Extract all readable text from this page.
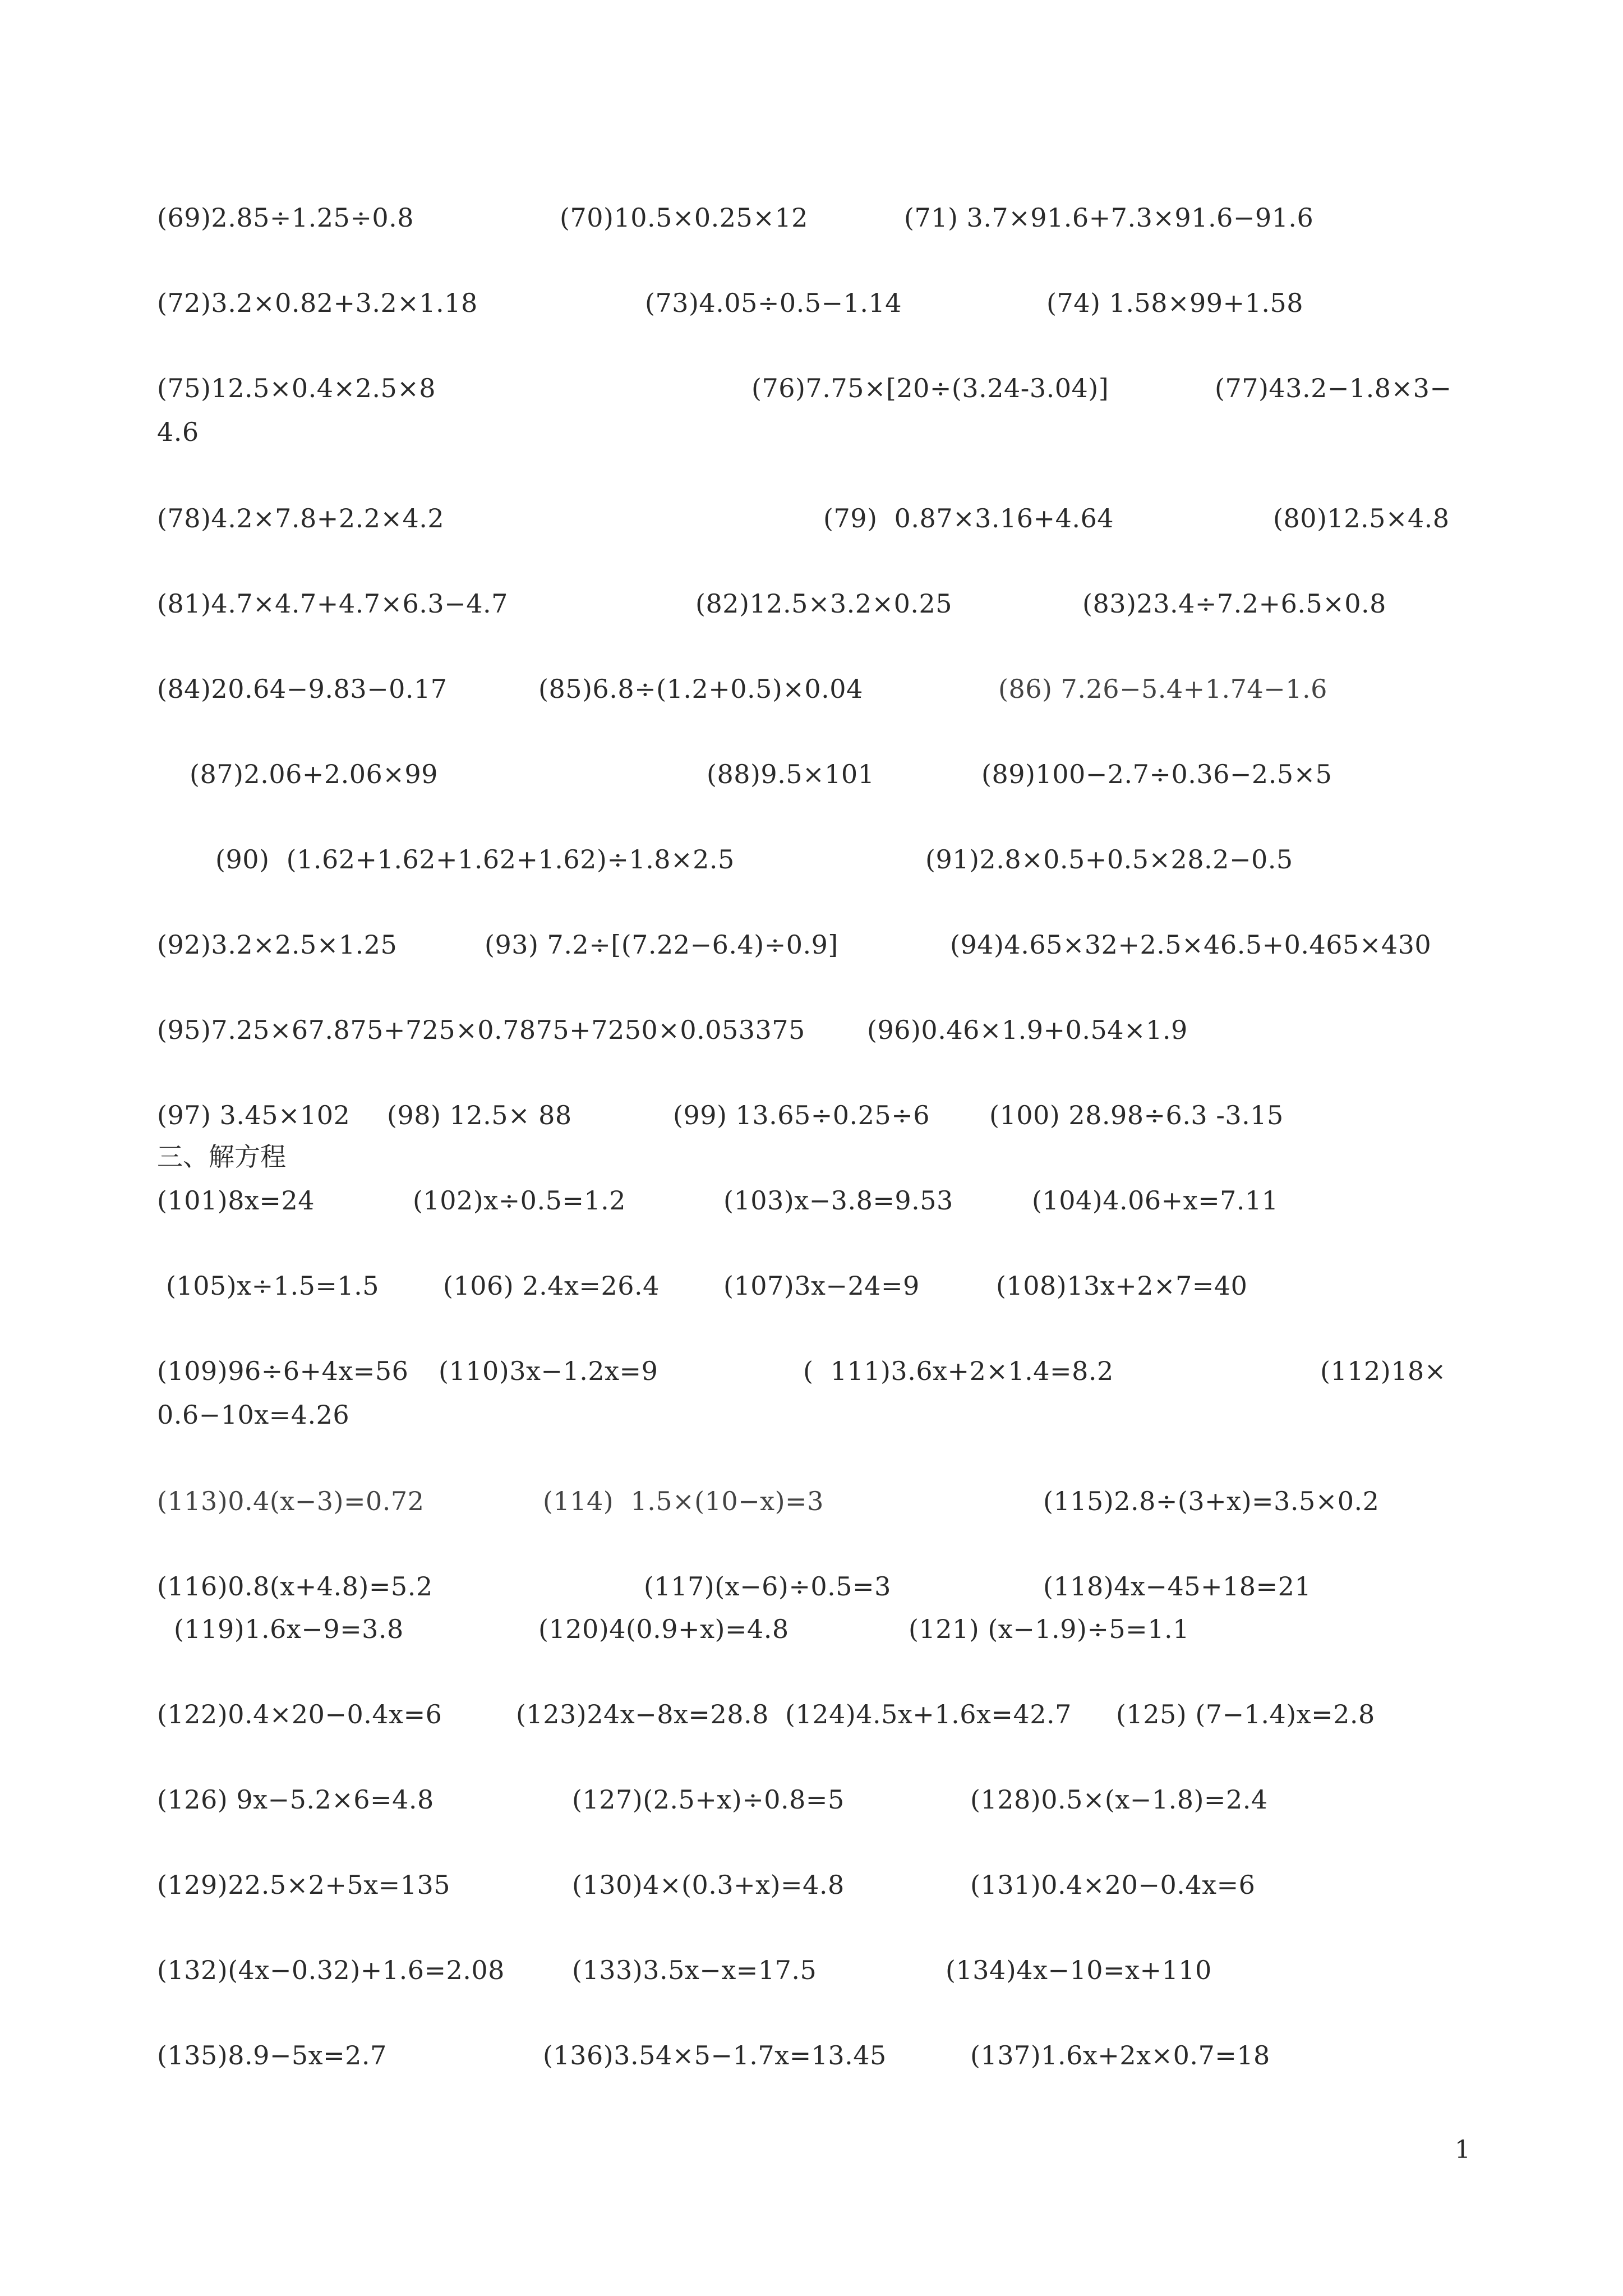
(69)2.85÷1.25÷0.8	(70)10.5×0.25×12	(71) 3.7×91.6+7.3×91.6−91.6
(72)3.2×0.82+3.2×1.18	(73)4.05÷0.5−1.14	(74) 1.58×99+1.58
(75)12.5×0.4×2.5×8	(76)7.75×[20÷(3.24-3.04)]	(77)43.2−1.8×3−
4.6
(78)4.2×7.8+2.2×4.2	(79)  0.87×3.16+4.64	(80)12.5×4.8
(81)4.7×4.7+4.7×6.3−4.7	(82)12.5×3.2×0.25	(83)23.4÷7.2+6.5×0.8
(84)20.64−9.83−0.17	(85)6.8÷(1.2+0.5)×0.04	(86) 7.26−5.4+1.74−1.6
(87)2.06+2.06×99	(88)9.5×101	(89)100−2.7÷0.36−2.5×5
(90)  (1.62+1.62+1.62+1.62)÷1.8×2.5	(91)2.8×0.5+0.5×28.2−0.5
(92)3.2×2.5×1.25	(93) 7.2÷[(7.22−6.4)÷0.9]	(94)4.65×32+2.5×46.5+0.465×430
(95)7.25×67.875+725×0.7875+7250×0.053375 (96)0.46×1.9+0.54×1.9
(97) 3.45×102 (98) 12.5× 88	(99) 13.65÷0.25÷6 (100) 28.98÷6.3 -3.15
三、解方程
(101)8x=24	(102)x÷0.5=1.2	(103)x−3.8=9.53	(104)4.06+x=7.11
(105)x÷1.5=1.5 (106) 2.4x=26.4 (107)3x−24=9	(108)13x+2×7=40
(109)96÷6+4x=56 (110)3x−1.2x=9	(  111)3.6x+2×1.4=8.2	(112)18×
0.6−10x=4.26
(113)0.4(x−3)=0.72	(114)  1.5×(10−x)=3	(115)2.8÷(3+x)=3.5×0.2
(116)0.8(x+4.8)=5.2	(117)(x−6)÷0.5=3	(118)4x−45+18=21
(119)1.6x−9=3.8	(120)4(0.9+x)=4.8	(121) (x−1.9)÷5=1.1
(122)0.4×20−0.4x=6	(123)24x−8x=28.8 (124)4.5x+1.6x=42.7 (125) (7−1.4)x=2.8
(126) 9x−5.2×6=4.8	(127)(2.5+x)÷0.8=5	(128)0.5×(x−1.8)=2.4
(129)22.5×2+5x=135	(130)4×(0.3+x)=4.8	(131)0.4×20−0.4x=6
(132)(4x−0.32)+1.6=2.08	(133)3.5x−x=17.5	(134)4x−10=x+110
(135)8.9−5x=2.7	(136)3.54×5−1.7x=13.45	(137)1.6x+2x×0.7=18
1
